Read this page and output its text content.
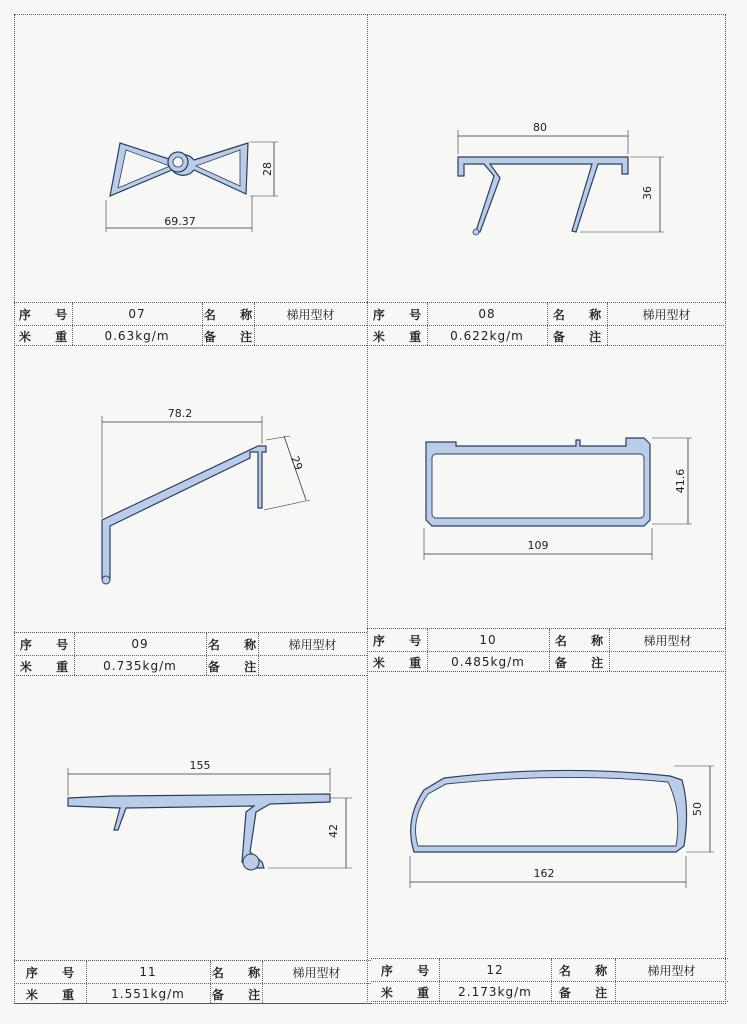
69.37
28
80
36
序 号	07	名 称	梯用型材
米 重	0.63kg/m	备 注
序 号	08	名 称	梯用型材
米 重	0.622kg/m	备 注
78.2
29
109
41.6
序 号	09	名 称	梯用型材
米 重	0.735kg/m	备 注
序 号	10	名 称	梯用型材
米 重	0.485kg/m	备 注
155
42
162
50
序 号	11	名 称	梯用型材
米 重	1.551kg/m	备 注
序 号	12	名 称	梯用型材
米 重	2.173kg/m	备 注
